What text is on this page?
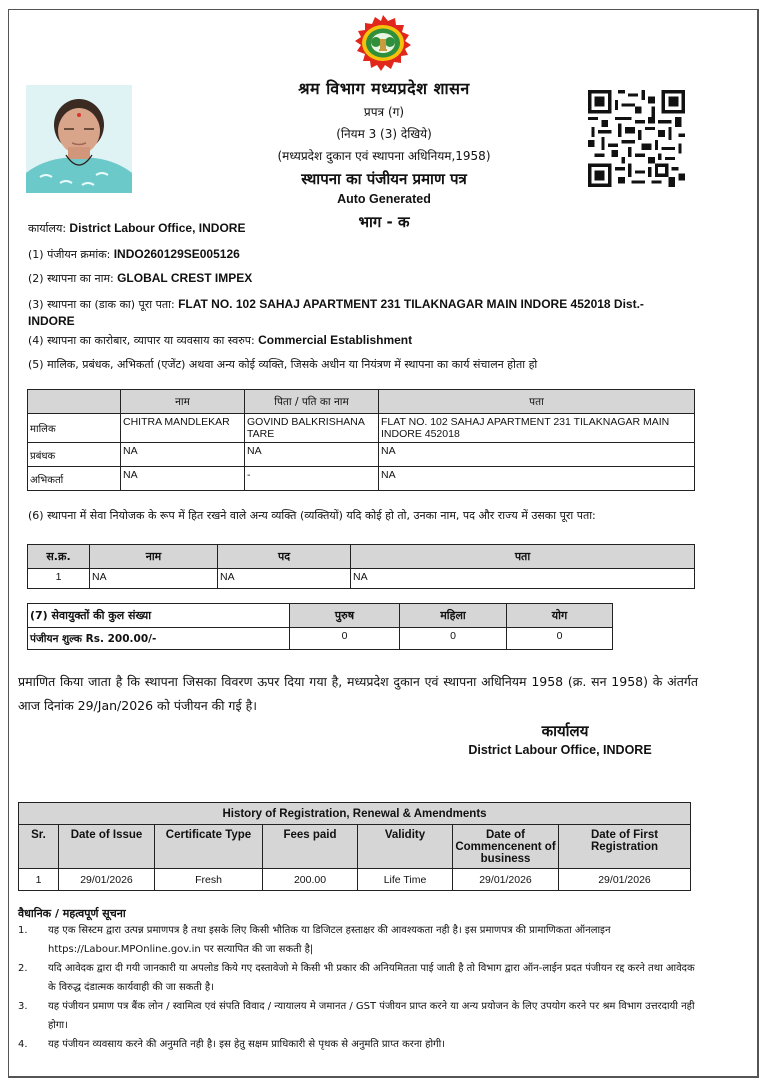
श्रम विभाग मध्यप्रदेश शासन
प्रपत्र (ग)
(नियम 3 (3) देखिये)
(मध्यप्रदेश दुकान एवं स्थापना अधिनियम,1958)
स्थापना का पंजीयन प्रमाण पत्र
Auto Generated
भाग - क
कार्यालय: District Labour Office, INDORE
(1) पंजीयन क्रमांक: INDO260129SE005126
(2) स्थापना का नाम: GLOBAL CREST IMPEX
(3) स्थापना का (डाक का) पूरा पता: FLAT NO. 102 SAHAJ APARTMENT 231 TILAKNAGAR MAIN INDORE 452018 Dist.- INDORE
(4) स्थापना का कारोबार, व्यापार या व्यवसाय का स्वरुप: Commercial Establishment
(5) मालिक, प्रबंधक, अभिकर्ता (एजेंट) अथवा अन्य कोई व्यक्ति, जिसके अधीन या नियंत्रण में स्थापना का कार्य संचालन होता हो
	नाम	पिता / पति का नाम	पता
मालिक	CHITRA MANDLEKAR	GOVIND BALKRISHANA TARE	FLAT NO. 102 SAHAJ APARTMENT 231 TILAKNAGAR MAIN INDORE 452018
प्रबंधक	NA	NA	NA
अभिकर्ता	NA	-	NA
(6) स्थापना में सेवा नियोजक के रूप में हित रखने वाले अन्य व्यक्ति (व्यक्तियों) यदि कोई हो तो, उनका नाम, पद और राज्य में उसका पूरा पता:
स.क्र.	नाम	पद	पता
1	NA	NA	NA
(7) सेवायुक्तों की कुल संख्या	पुरुष	महिला	योग
पंजीयन शुल्क Rs. 200.00/-	0	0	0
प्रमाणित किया जाता है कि स्थापना जिसका विवरण ऊपर दिया गया है, मध्यप्रदेश दुकान एवं स्थापना अधिनियम 1958 (क्र. सन 1958) के अंतर्गत आज दिनांक 29/Jan/2026 को पंजीयन की गई है।
कार्यालय
District Labour Office, INDORE
History of Registration, Renewal & Amendments						
Sr.	Date of Issue	Certificate Type	Fees paid	Validity	Date of Commencenent of business	Date of First Registration
1	29/01/2026	Fresh	200.00	Life Time	29/01/2026	29/01/2026
वैधानिक / महत्वपूर्ण सूचना
1.	यह एक सिस्टम द्वारा उत्पन्न प्रमाणपत्र है तथा इसके लिए किसी भौतिक या डिजिटल हस्ताक्षर की आवश्यकता नही है। इस प्रमाणपत्र की प्रामाणिकता ऑनलाइन https://Labour.MPOnline.gov.in पर सत्यापित की जा सकती है|
2.	यदि आवेदक द्वारा दी गयी जानकारी या अपलोड किये गए दस्तावेजो मे किसी भी प्रकार की अनियमितता पाई जाती है तो विभाग द्वारा ऑन-लाईन प्रदत पंजीयन रद्द करने तथा आवेदक के विरुद्ध दंडात्मक कार्यवाही की जा सकती है।
3.	यह पंजीयन प्रमाण पत्र बैंक लोन / स्वामित्व एवं संपति विवाद / न्यायालय मे जमानत / GST पंजीयन प्राप्त करने या अन्य प्रयोजन के लिए उपयोग करने पर श्रम विभाग उत्तरदायी नही होगा।
4.	यह पंजीयन व्यवसाय करने की अनुमति नही है। इस हेतु सक्षम प्राधिकारी से पृथक से अनुमति प्राप्त करना होगी।
